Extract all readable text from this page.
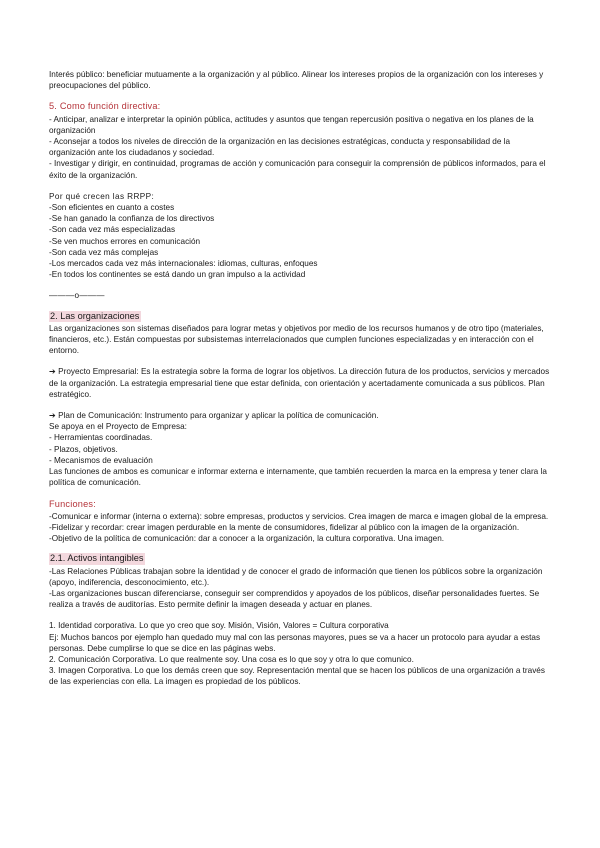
Interés público: beneficiar mutuamente a la organización y al público. Alinear los intereses propios de la organización con los intereses y preocupaciones del público.

5. Como función directiva:

- Anticipar, analizar e interpretar la opinión pública, actitudes y asuntos que tengan repercusión positiva o negativa en los planes de la organización

- Aconsejar a todos los niveles de dirección de la organización en las decisiones estratégicas, conducta y responsabilidad de la organización ante los ciudadanos y sociedad.

- Investigar y dirigir, en continuidad, programas de acción y comunicación para conseguir la comprensión de públicos informados, para el éxito de la organización.

Por qué crecen las RRPP:

-Son eficientes en cuanto a costes

-Se han ganado la confianza de los directivos

-Son cada vez más especializadas

-Se ven muchos errores en comunicación

-Son cada vez más complejas

-Los mercados cada vez más internacionales: idiomas, culturas, enfoques

-En todos los continentes se está dando un gran impulso a la actividad

———o———

2. Las organizaciones

Las organizaciones son sistemas diseñados para lograr metas y objetivos por medio de los recursos humanos y de otro tipo (materiales, financieros, etc.). Están compuestas por subsistemas interrelacionados que cumplen funciones especializadas y en interacción con el entorno.

➔ Proyecto Empresarial: Es la estrategia sobre la forma de lograr los objetivos. La dirección futura de los productos, servicios y mercados de la organización. La estrategia empresarial tiene que estar definida, con orientación y acertadamente comunicada a sus públicos. Plan estratégico.

➔ Plan de Comunicación: Instrumento para organizar y aplicar la política de comunicación.

Se apoya en el Proyecto de Empresa:

- Herramientas coordinadas.

- Plazos, objetivos.

- Mecanismos de evaluación

Las funciones de ambos es comunicar e informar externa e internamente, que también recuerden la marca en la empresa y tener clara la política de comunicación.

Funciones:

-Comunicar e informar (interna o externa): sobre empresas, productos y servicios. Crea imagen de marca e imagen global de la empresa.

-Fidelizar y recordar: crear imagen perdurable en la mente de consumidores, fidelizar al público con la imagen de la organización.

-Objetivo de la política de comunicación: dar a conocer a la organización, la cultura corporativa. Una imagen.

2.1. Activos intangibles

-Las Relaciones Públicas trabajan sobre la identidad y de conocer el grado de información que tienen los públicos sobre la organización (apoyo, indiferencia, desconocimiento, etc.).

-Las organizaciones buscan diferenciarse, conseguir ser comprendidos y apoyados de los públicos, diseñar personalidades fuertes. Se realiza a través de auditorías. Esto permite definir la imagen deseada y actuar en planes.

1. Identidad corporativa. Lo que yo creo que soy. Misión, Visión, Valores = Cultura corporativa

Ej: Muchos bancos por ejemplo han quedado muy mal con las personas mayores, pues se va a hacer un protocolo para ayudar a estas personas. Debe cumplirse lo que se dice en las páginas webs.

2. Comunicación Corporativa. Lo que realmente soy. Una cosa es lo que soy y otra lo que comunico.

3. Imagen Corporativa. Lo que los demás creen que soy. Representación mental que se hacen los públicos de una organización a través de las experiencias con ella. La imagen es propiedad de los públicos.
